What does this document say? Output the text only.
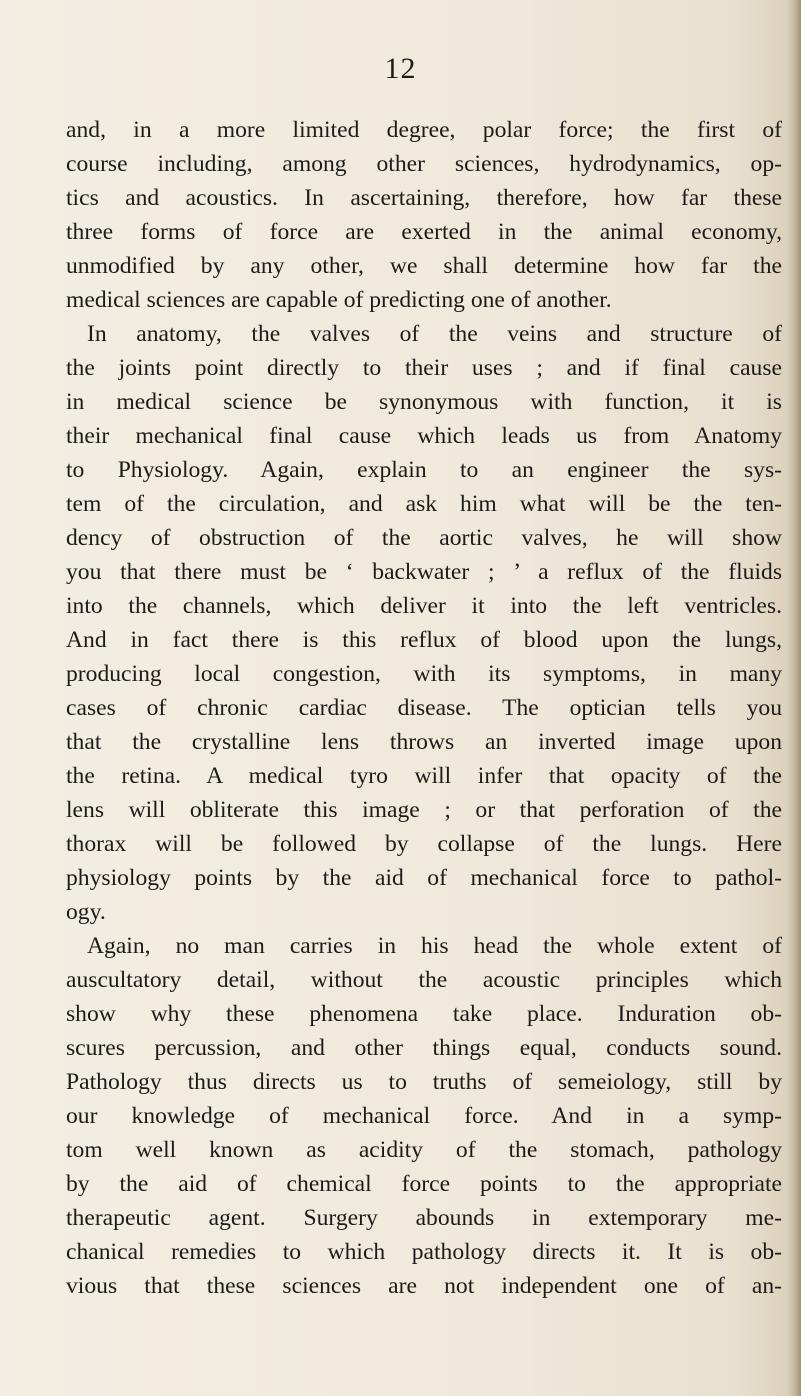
12
and, in a more limited degree, polar force; the first of
course including, among other sciences, hydrodynamics, op-
tics and acoustics. In ascertaining, therefore, how far these
three forms of force are exerted in the animal economy,
unmodified by any other, we shall determine how far the
medical sciences are capable of predicting one of another.
In anatomy, the valves of the veins and structure of
the joints point directly to their uses ; and if final cause
in medical science be synonymous with function, it is
their mechanical final cause which leads us from Anatomy
to Physiology. Again, explain to an engineer the sys-
tem of the circulation, and ask him what will be the ten-
dency of obstruction of the aortic valves, he will show
you that there must be ‘ backwater ; ’ a reflux of the fluids
into the channels, which deliver it into the left ventricles.
And in fact there is this reflux of blood upon the lungs,
producing local congestion, with its symptoms, in many
cases of chronic cardiac disease. The optician tells you
that the crystalline lens throws an inverted image upon
the retina. A medical tyro will infer that opacity of the
lens will obliterate this image ; or that perforation of the
thorax will be followed by collapse of the lungs. Here
physiology points by the aid of mechanical force to pathol-
ogy.
Again, no man carries in his head the whole extent of
auscultatory detail, without the acoustic principles which
show why these phenomena take place. Induration ob-
scures percussion, and other things equal, conducts sound.
Pathology thus directs us to truths of semeiology, still by
our knowledge of mechanical force. And in a symp-
tom well known as acidity of the stomach, pathology
by the aid of chemical force points to the appropriate
therapeutic agent. Surgery abounds in extemporary me-
chanical remedies to which pathology directs it. It is ob-
vious that these sciences are not independent one of an-
